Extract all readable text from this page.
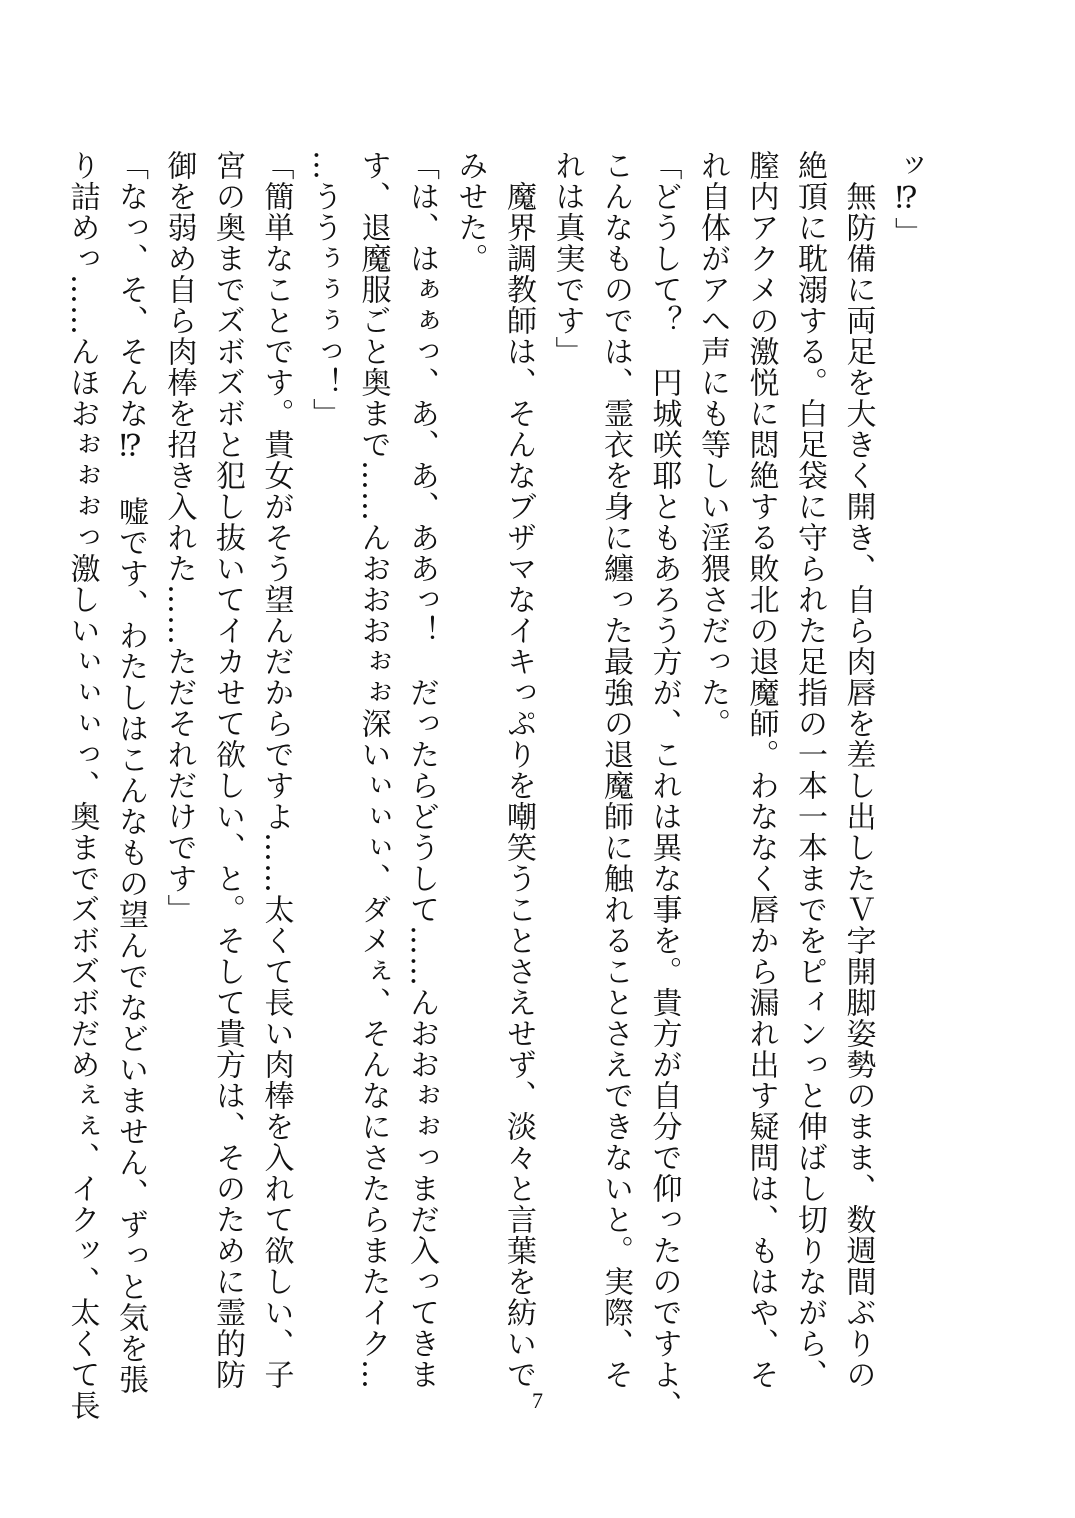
ッ⁉」

　無防備に両足を大きく開き、自ら肉唇を差し出したＶ字開脚姿勢のまま、数週間ぶりの

絶頂に耽溺する。白足袋に守られた足指の一本一本までをピィンっと伸ばし切りながら、

膣内アクメの激悦に悶絶する敗北の退魔師。わななく唇から漏れ出す疑問は、もはや、そ

れ自体がアへ声にも等しい淫猥さだった。

「どうして？　円城咲耶ともあろう方が、これは異な事を。貴方が自分で仰ったのですよ、

こんなものでは、霊衣を身に纏った最強の退魔師に触れることさえできないと。実際、そ

れは真実です」

　魔界調教師は、そんなブザマなイキっぷりを嘲笑うことさえせず、淡々と言葉を紡いで

みせた。

「は、はぁぁっ、あ、あ、ああっ！　だったらどうして……んおおぉぉっまだ入ってきま

す、退魔服ごと奥まで……んおおおぉぉ深いぃぃぃ、ダメぇ、そんなにさたらまたイク…

…ううぅぅぅっ！」

「簡単なことです。貴女がそう望んだからですよ……太くて長い肉棒を入れて欲しい、子

宮の奥までズボズボと犯し抜いてイカせて欲しい、と。そして貴方は、そのために霊的防

御を弱め自ら肉棒を招き入れた……ただそれだけです」

「なっ、そ、そんな⁉　嘘です、わたしはこんなもの望んでなどいません、ずっと気を張

り詰めっ……んほおぉぉぉっ激しいぃぃぃっ、奥までズボズボだめぇぇ、イクッ、太くて長	7
